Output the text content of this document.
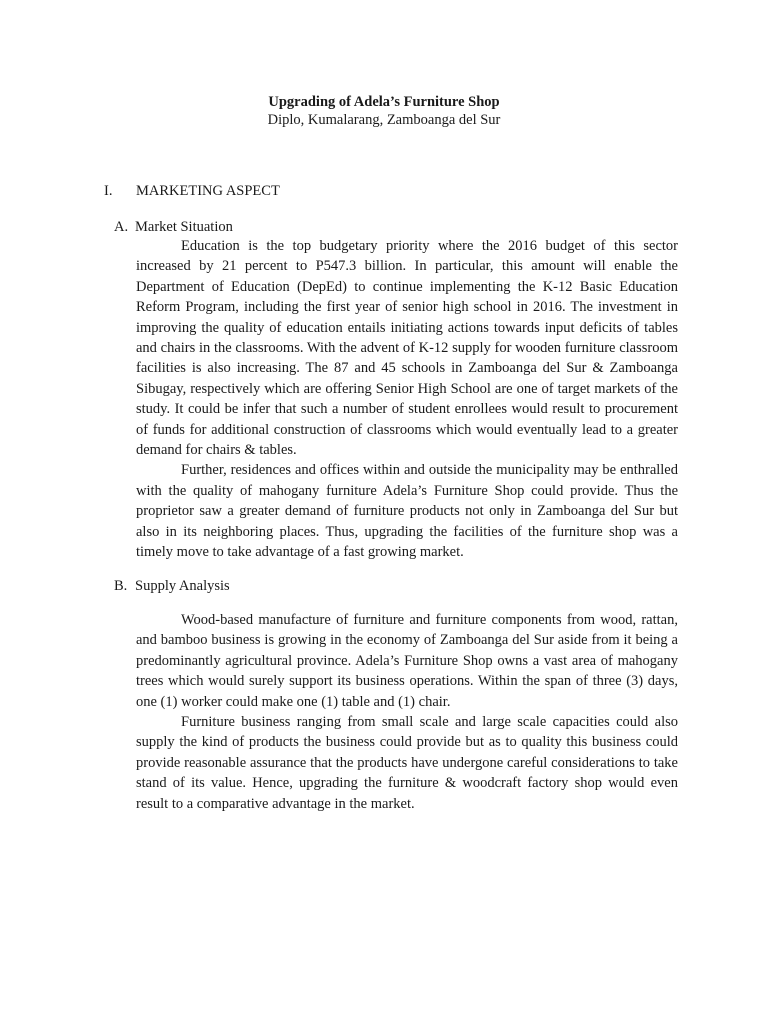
Upgrading of Adela’s Furniture Shop
Diplo, Kumalarang, Zamboanga del Sur
I. MARKETING ASPECT
A. Market Situation

Education is the top budgetary priority where the 2016 budget of this sector increased by 21 percent to P547.3 billion. In particular, this amount will enable the Department of Education (DepEd) to continue implementing the K-12 Basic Education Reform Program, including the first year of senior high school in 2016. The investment in improving the quality of education entails initiating actions towards input deficits of tables and chairs in the classrooms. With the advent of K-12 supply for wooden furniture classroom facilities is also increasing. The 87 and 45 schools in Zamboanga del Sur & Zamboanga Sibugay, respectively which are offering Senior High School are one of target markets of the study. It could be infer that such a number of student enrollees would result to procurement of funds for additional construction of classrooms which would eventually lead to a greater demand for chairs & tables.

Further, residences and offices within and outside the municipality may be enthralled with the quality of mahogany furniture Adela’s Furniture Shop could provide. Thus the proprietor saw a greater demand of furniture products not only in Zamboanga del Sur but also in its neighboring places. Thus, upgrading the facilities of the furniture shop was a timely move to take advantage of a fast growing market.

B. Supply Analysis

Wood-based manufacture of furniture and furniture components from wood, rattan, and bamboo business is growing in the economy of Zamboanga del Sur aside from it being a predominantly agricultural province. Adela’s Furniture Shop owns a vast area of mahogany trees which would surely support its business operations. Within the span of three (3) days, one (1) worker could make one (1) table and (1) chair.

Furniture business ranging from small scale and large scale capacities could also supply the kind of products the business could provide but as to quality this business could provide reasonable assurance that the products have undergone careful considerations to take stand of its value. Hence, upgrading the furniture & woodcraft factory shop would even result to a comparative advantage in the market.
